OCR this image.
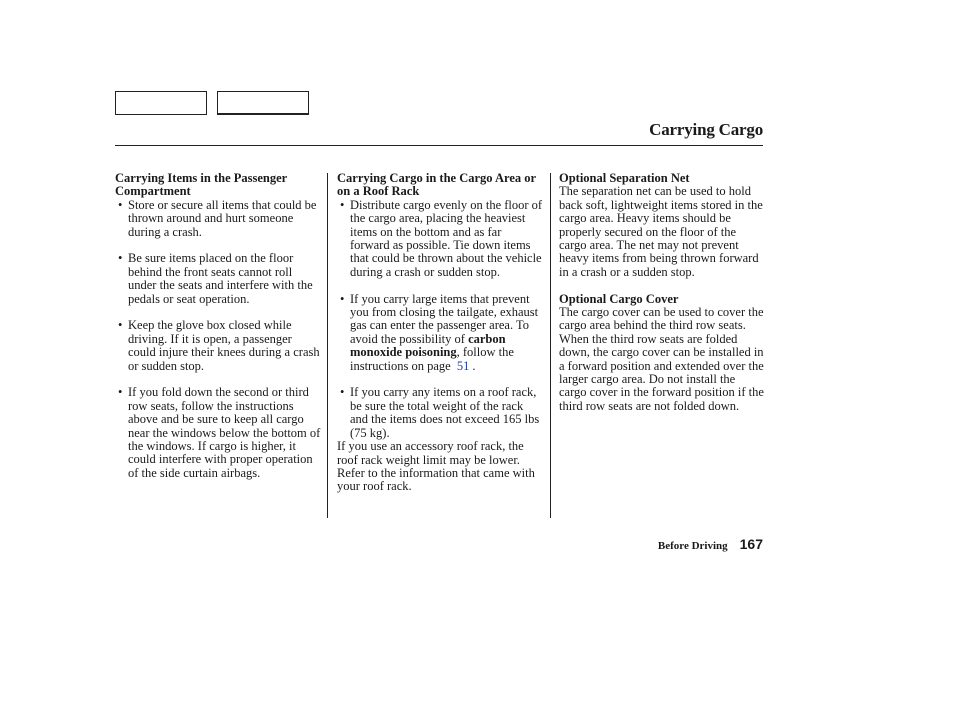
Carrying Cargo
Carrying Items in the Passenger Compartment
• Store or secure all items that could be thrown around and hurt someone during a crash.
• Be sure items placed on the floor behind the front seats cannot roll under the seats and interfere with the pedals or seat operation.
• Keep the glove box closed while driving. If it is open, a passenger could injure their knees during a crash or sudden stop.
• If you fold down the second or third row seats, follow the instructions above and be sure to keep all cargo near the windows below the bottom of the windows. If cargo is higher, it could interfere with proper operation of the side curtain airbags.
Carrying Cargo in the Cargo Area or on a Roof Rack
• Distribute cargo evenly on the floor of the cargo area, placing the heaviest items on the bottom and as far forward as possible. Tie down items that could be thrown about the vehicle during a crash or sudden stop.
• If you carry large items that prevent you from closing the tailgate, exhaust gas can enter the passenger area. To avoid the possibility of carbon monoxide poisoning, follow the instructions on page 51 .
• If you carry any items on a roof rack, be sure the total weight of the rack and the items does not exceed 165 lbs (75 kg).
If you use an accessory roof rack, the roof rack weight limit may be lower. Refer to the information that came with your roof rack.
Optional Separation Net
The separation net can be used to hold back soft, lightweight items stored in the cargo area. Heavy items should be properly secured on the floor of the cargo area. The net may not prevent heavy items from being thrown forward in a crash or a sudden stop.
Optional Cargo Cover
The cargo cover can be used to cover the cargo area behind the third row seats. When the third row seats are folded down, the cargo cover can be installed in a forward position and extended over the larger cargo area. Do not install the cargo cover in the forward position if the third row seats are not folded down.
Before Driving 167
